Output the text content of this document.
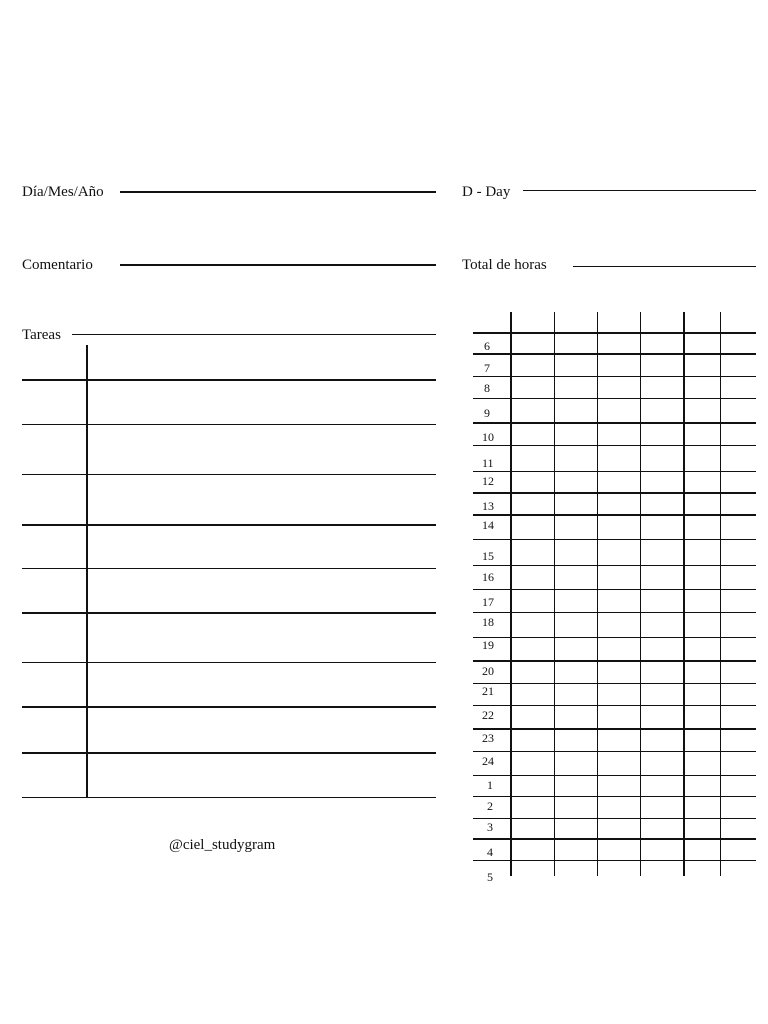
Día/Mes/Año	D - Day
Comentario	Total de horas
Tareas
@ciel_studygram
6
7
8
9
10
11
12
13
14
15
16
17
18
19
20
21
22
23
24
1
2
3
4
5
